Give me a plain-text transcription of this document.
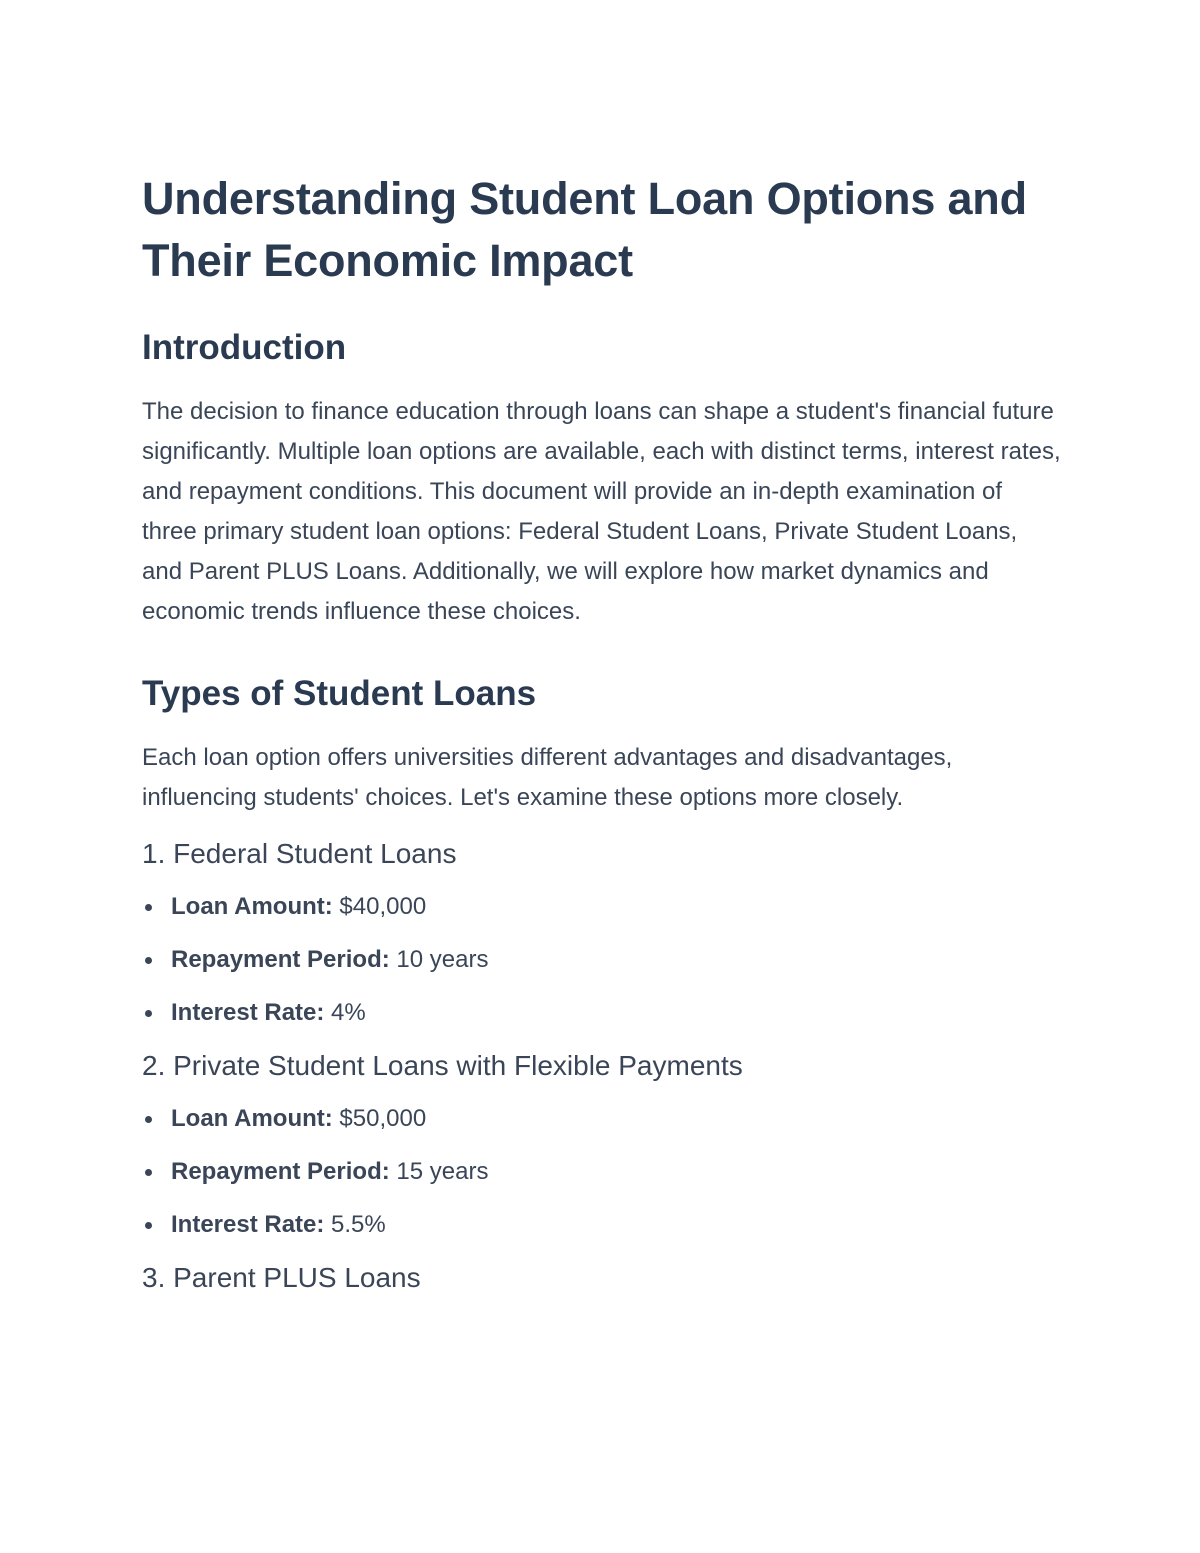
Understanding Student Loan Options and Their Economic Impact
Introduction

The decision to finance education through loans can shape a student's financial future significantly. Multiple loan options are available, each with distinct terms, interest rates, and repayment conditions. This document will provide an in-depth examination of three primary student loan options: Federal Student Loans, Private Student Loans, and Parent PLUS Loans. Additionally, we will explore how market dynamics and economic trends influence these choices.

Types of Student Loans

Each loan option offers universities different advantages and disadvantages, influencing students' choices. Let's examine these options more closely.

1. Federal Student Loans
Loan Amount: $40,000
Repayment Period: 10 years
Interest Rate: 4%
2. Private Student Loans with Flexible Payments
Loan Amount: $50,000
Repayment Period: 15 years
Interest Rate: 5.5%
3. Parent PLUS Loans
